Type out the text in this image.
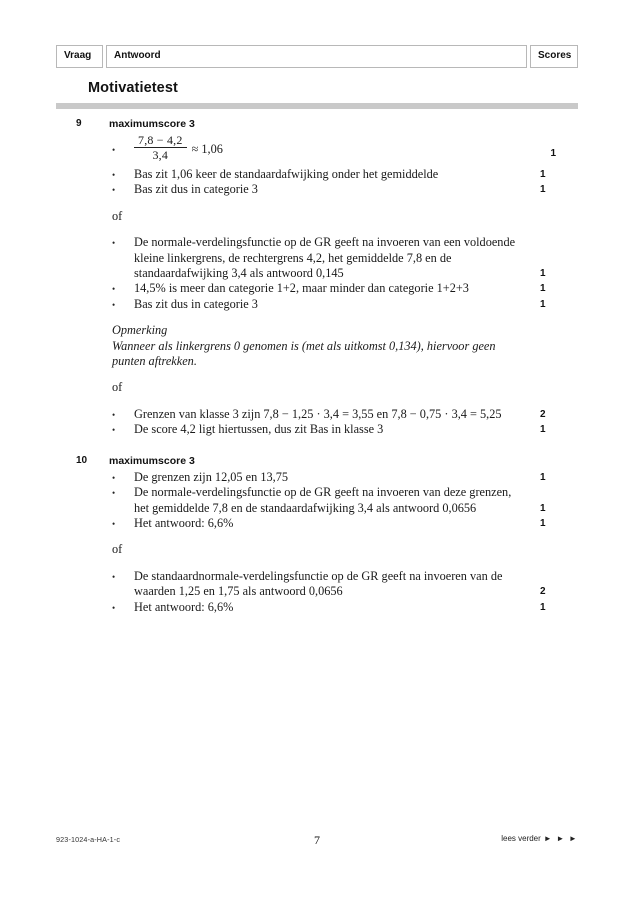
Vraag	Antwoord	Scores
Motivatietest
9	maximumscore 3
• $\frac{7,8 - 4,2}{3,4} \approx 1,06$	1
• Bas zit 1,06 keer de standaardafwijking onder het gemiddelde	1
• Bas zit dus in categorie 3	1
of
• De normale-verdelingsfunctie op de GR geeft na invoeren van een voldoende kleine linkergrens, de rechtergrens 4,2, het gemiddelde 7,8 en de standaardafwijking 3,4 als antwoord 0,145	1
• 14,5% is meer dan categorie 1+2, maar minder dan categorie 1+2+3	1
• Bas zit dus in categorie 3	1
Opmerking
Wanneer als linkergrens 0 genomen is (met als uitkomst 0,134), hiervoor geen punten aftrekken.
of
• Grenzen van klasse 3 zijn 7,8 − 1,25 · 3,4 = 3,55 en 7,8 − 0,75 · 3,4 = 5,25	2
• De score 4,2 ligt hiertussen, dus zit Bas in klasse 3	1
10	maximumscore 3
• De grenzen zijn 12,05 en 13,75	1
• De normale-verdelingsfunctie op de GR geeft na invoeren van deze grenzen, het gemiddelde 7,8 en de standaardafwijking 3,4 als antwoord 0,0656	1
• Het antwoord: 6,6%	1
of
• De standaardnormale-verdelingsfunctie op de GR geeft na invoeren van de waarden 1,25 en 1,75 als antwoord 0,0656	2
• Het antwoord: 6,6%	1
923-1024-a-HA-1-c	7	lees verder ► ► ►
